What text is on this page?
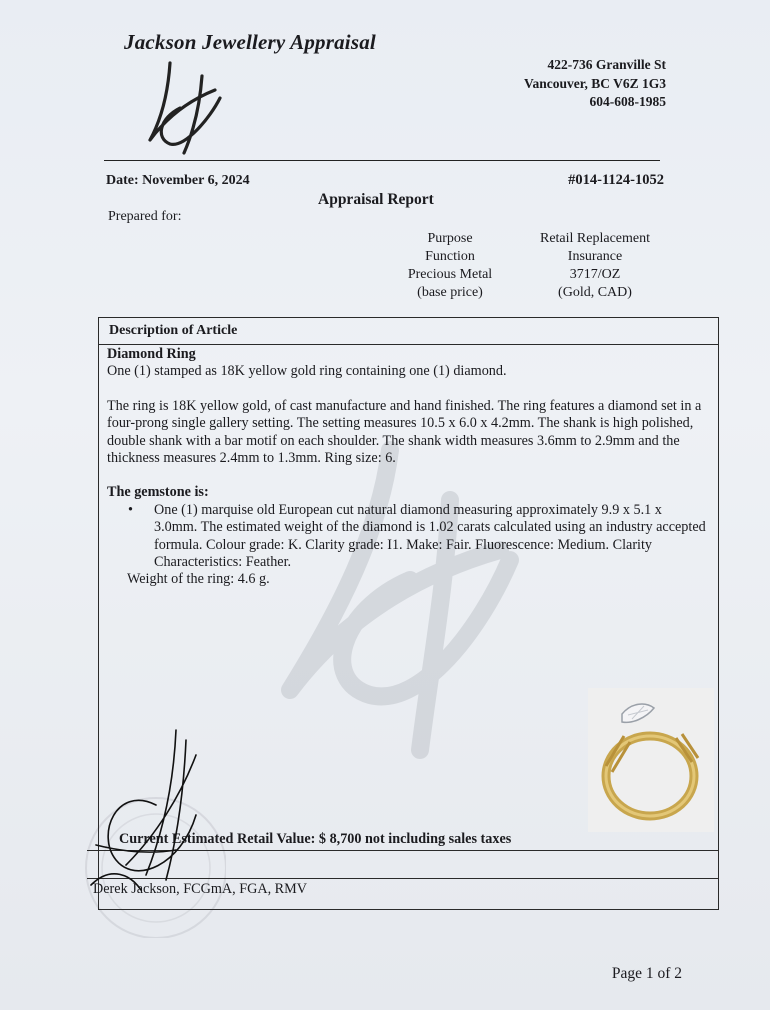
Jackson Jewellery Appraisal
422-736 Granville St
Vancouver, BC V6Z 1G3
604-608-1985
Date: November 6, 2024	#014-1124-1052
Appraisal Report
Prepared for:
Purpose
Function
Precious Metal
(base price)
Retail Replacement
Insurance
3717/OZ
(Gold, CAD)
Description of Article

Diamond Ring

One (1) stamped as 18K yellow gold ring containing one (1) diamond.

The ring is 18K yellow gold, of cast manufacture and hand finished. The ring features a diamond set in a four-prong single gallery setting. The setting measures 10.5 x 6.0 x 4.2mm. The shank is high polished, double shank with a bar motif on each shoulder. The shank width measures 3.6mm to 2.9mm and the thickness measures 2.4mm to 1.3mm. Ring size: 6.

The gemstone is:

• One (1) marquise old European cut natural diamond measuring approximately 9.9 x 5.1 x 3.0mm. The estimated weight of the diamond is 1.02 carats calculated using an industry accepted formula. Colour grade: K. Clarity grade: I1. Make: Fair. Fluorescence: Medium. Clarity Characteristics: Feather.

Weight of the ring: 4.6 g.

Current Estimated Retail Value: $ 8,700 not including sales taxes
Derek Jackson, FCGmA, FGA, RMV
Page 1 of 2
